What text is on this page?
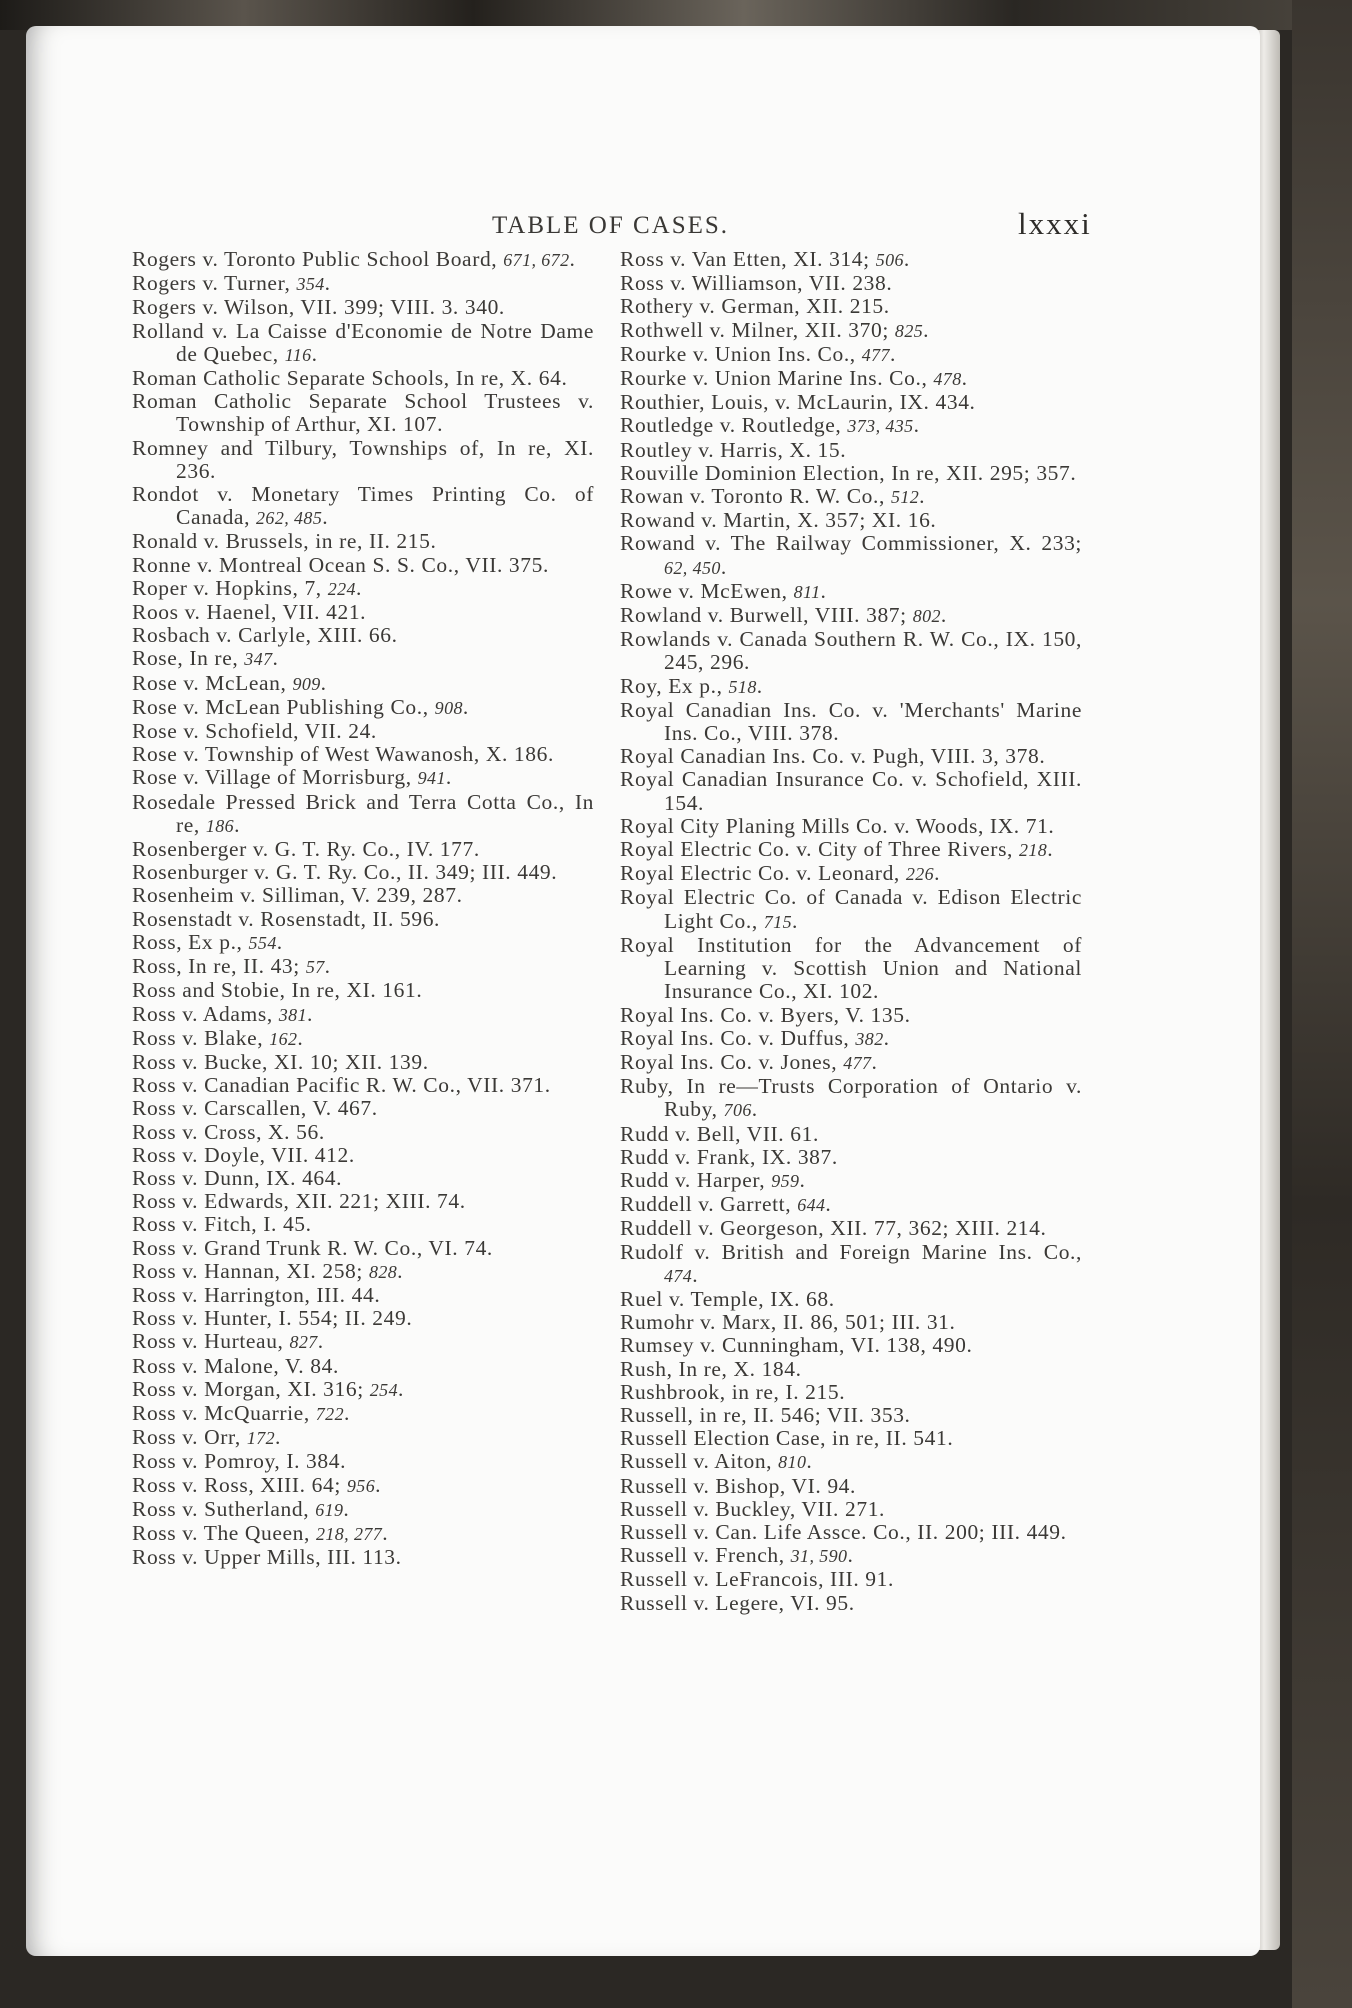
TABLE OF CASES.	lxxxi

Rogers v. Toronto Public School Board, 671, 672.

Rogers v. Turner, 354.

Rogers v. Wilson, VII. 399; VIII. 3. 340.

Rolland v. La Caisse d'Economie de Notre Dame de Quebec, 116.

Roman Catholic Separate Schools, In re, X. 64.

Roman Catholic Separate School Trustees v. Township of Arthur, XI. 107.

Romney and Tilbury, Townships of, In re, XI. 236.

Rondot v. Monetary Times Printing Co. of Canada, 262, 485.

Ronald v. Brussels, in re, II. 215.

Ronne v. Montreal Ocean S. S. Co., VII. 375.

Roper v. Hopkins, 7, 224.

Roos v. Haenel, VII. 421.

Rosbach v. Carlyle, XIII. 66.

Rose, In re, 347.

Rose v. McLean, 909.

Rose v. McLean Publishing Co., 908.

Rose v. Schofield, VII. 24.

Rose v. Township of West Wawanosh, X. 186.

Rose v. Village of Morrisburg, 941.

Rosedale Pressed Brick and Terra Cotta Co., In re, 186.

Rosenberger v. G. T. Ry. Co., IV. 177.

Rosenburger v. G. T. Ry. Co., II. 349; III. 449.

Rosenheim v. Silliman, V. 239, 287.

Rosenstadt v. Rosenstadt, II. 596.

Ross, Ex p., 554.

Ross, In re, II. 43; 57.

Ross and Stobie, In re, XI. 161.

Ross v. Adams, 381.

Ross v. Blake, 162.

Ross v. Bucke, XI. 10; XII. 139.

Ross v. Canadian Pacific R. W. Co., VII. 371.

Ross v. Carscallen, V. 467.

Ross v. Cross, X. 56.

Ross v. Doyle, VII. 412.

Ross v. Dunn, IX. 464.

Ross v. Edwards, XII. 221; XIII. 74.

Ross v. Fitch, I. 45.

Ross v. Grand Trunk R. W. Co., VI. 74.

Ross v. Hannan, XI. 258; 828.

Ross v. Harrington, III. 44.

Ross v. Hunter, I. 554; II. 249.

Ross v. Hurteau, 827.

Ross v. Malone, V. 84.

Ross v. Morgan, XI. 316; 254.

Ross v. McQuarrie, 722.

Ross v. Orr, 172.

Ross v. Pomroy, I. 384.

Ross v. Ross, XIII. 64; 956.

Ross v. Sutherland, 619.

Ross v. The Queen, 218, 277.

Ross v. Upper Mills, III. 113.

Ross v. Van Etten, XI. 314; 506.

Ross v. Williamson, VII. 238.

Rothery v. German, XII. 215.

Rothwell v. Milner, XII. 370; 825.

Rourke v. Union Ins. Co., 477.

Rourke v. Union Marine Ins. Co., 478.

Routhier, Louis, v. McLaurin, IX. 434.

Routledge v. Routledge, 373, 435.

Routley v. Harris, X. 15.

Rouville Dominion Election, In re, XII. 295; 357.

Rowan v. Toronto R. W. Co., 512.

Rowand v. Martin, X. 357; XI. 16.

Rowand v. The Railway Commissioner, X. 233; 62, 450.

Rowe v. McEwen, 811.

Rowland v. Burwell, VIII. 387; 802.

Rowlands v. Canada Southern R. W. Co., IX. 150, 245, 296.

Roy, Ex p., 518.

Royal Canadian Ins. Co. v. 'Merchants' Marine Ins. Co., VIII. 378.

Royal Canadian Ins. Co. v. Pugh, VIII. 3, 378.

Royal Canadian Insurance Co. v. Schofield, XIII. 154.

Royal City Planing Mills Co. v. Woods, IX. 71.

Royal Electric Co. v. City of Three Rivers, 218.

Royal Electric Co. v. Leonard, 226.

Royal Electric Co. of Canada v. Edison Electric Light Co., 715.

Royal Institution for the Advancement of Learning v. Scottish Union and National Insurance Co., XI. 102.

Royal Ins. Co. v. Byers, V. 135.

Royal Ins. Co. v. Duffus, 382.

Royal Ins. Co. v. Jones, 477.

Ruby, In re—Trusts Corporation of Ontario v. Ruby, 706.

Rudd v. Bell, VII. 61.

Rudd v. Frank, IX. 387.

Rudd v. Harper, 959.

Ruddell v. Garrett, 644.

Ruddell v. Georgeson, XII. 77, 362; XIII. 214.

Rudolf v. British and Foreign Marine Ins. Co., 474.

Ruel v. Temple, IX. 68.

Rumohr v. Marx, II. 86, 501; III. 31.

Rumsey v. Cunningham, VI. 138, 490.

Rush, In re, X. 184.

Rushbrook, in re, I. 215.

Russell, in re, II. 546; VII. 353.

Russell Election Case, in re, II. 541.

Russell v. Aiton, 810.

Russell v. Bishop, VI. 94.

Russell v. Buckley, VII. 271.

Russell v. Can. Life Assce. Co., II. 200; III. 449.

Russell v. French, 31, 590.

Russell v. LeFrancois, III. 91.

Russell v. Legere, VI. 95.
